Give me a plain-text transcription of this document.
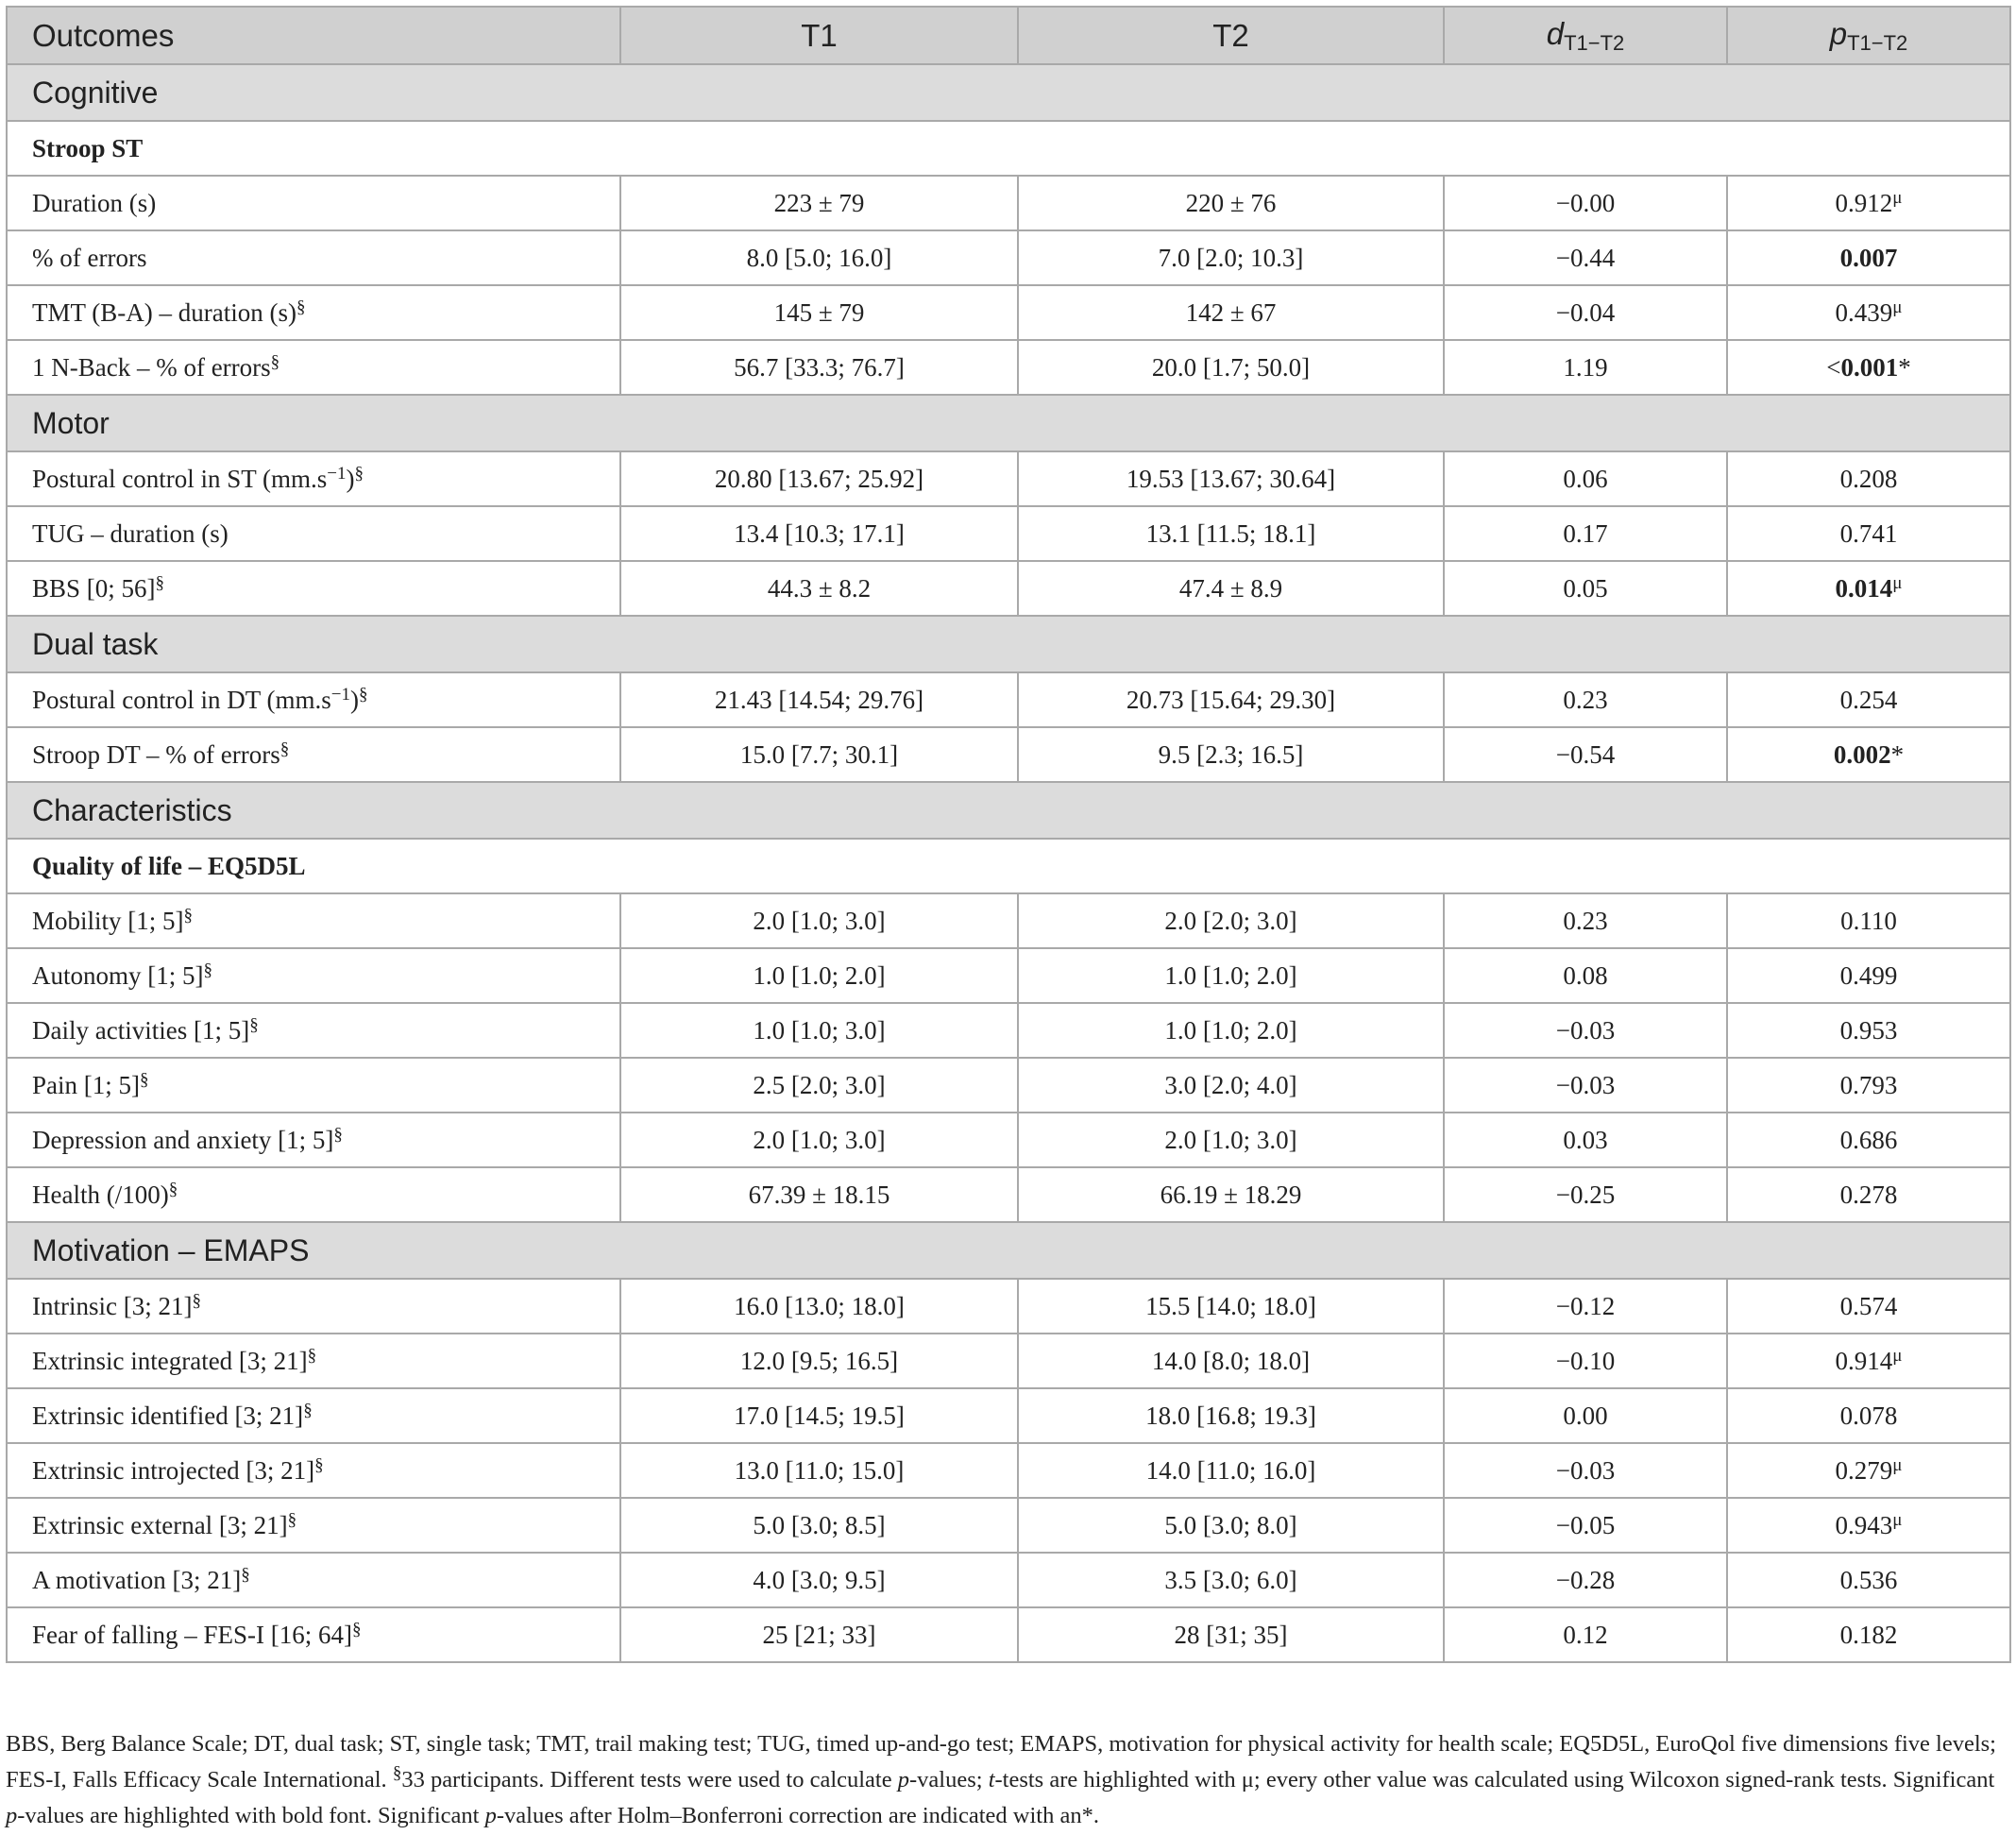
Outcomes	T1	T2	dT1−T2	pT1−T2
Cognitive				
Stroop ST				
Duration (s)	223 ± 79	220 ± 76	−0.00	$0.912^\mu$
% of errors	8.0 [5.0; 16.0]	7.0 [2.0; 10.3]	−0.44	0.007
TMT (B-A) – duration (s)§	145 ± 79	142 ± 67	−0.04	$0.439^\mu$
1 N-Back – % of errors§	56.7 [33.3; 76.7]	20.0 [1.7; 50.0]	1.19	<0.001*
Motor				
Postural control in ST $(mm.s^{-1})^\S$	20.80 [13.67; 25.92]	19.53 [13.67; 30.64]	0.06	0.208
TUG – duration (s)	13.4 [10.3; 17.1]	13.1 [11.5; 18.1]	0.17	0.741
BBS [0; 56]§	44.3 ± 8.2	47.4 ± 8.9	0.05	$0.014^\mu$
Dual task				
Postural control in DT $(mm.s^{-1})^\S$	21.43 [14.54; 29.76]	20.73 [15.64; 29.30]	0.23	0.254
Stroop DT – % of errors§	15.0 [7.7; 30.1]	9.5 [2.3; 16.5]	−0.54	0.002*
Characteristics				
Quality of life – EQ5D5L				
Mobility [1; 5]§	2.0 [1.0; 3.0]	2.0 [2.0; 3.0]	0.23	0.110
Autonomy [1; 5]§	1.0 [1.0; 2.0]	1.0 [1.0; 2.0]	0.08	0.499
Daily activities [1; 5]§	1.0 [1.0; 3.0]	1.0 [1.0; 2.0]	−0.03	0.953
Pain [1; 5]§	2.5 [2.0; 3.0]	3.0 [2.0; 4.0]	−0.03	0.793
Depression and anxiety [1; 5]§	2.0 [1.0; 3.0]	2.0 [1.0; 3.0]	0.03	0.686
Health (/100)§	67.39 ± 18.15	66.19 ± 18.29	−0.25	0.278
Motivation – EMAPS				
Intrinsic [3; 21]§	16.0 [13.0; 18.0]	15.5 [14.0; 18.0]	−0.12	0.574
Extrinsic integrated [3; 21]§	12.0 [9.5; 16.5]	14.0 [8.0; 18.0]	−0.10	$0.914^\mu$
Extrinsic identified [3; 21]§	17.0 [14.5; 19.5]	18.0 [16.8; 19.3]	0.00	0.078
Extrinsic introjected [3; 21]§	13.0 [11.0; 15.0]	14.0 [11.0; 16.0]	−0.03	$0.279^\mu$
Extrinsic external [3; 21]§	5.0 [3.0; 8.5]	5.0 [3.0; 8.0]	−0.05	$0.943^\mu$
A motivation [3; 21]§	4.0 [3.0; 9.5]	3.5 [3.0; 6.0]	−0.28	0.536
Fear of falling – FES-I [16; 64]§	25 [21; 33]	28 [31; 35]	0.12	0.182
BBS, Berg Balance Scale; DT, dual task; ST, single task; TMT, trail making test; TUG, timed up-and-go test; EMAPS, motivation for physical activity for health scale; EQ5D5L, EuroQol five dimensions five levels; FES-I, Falls Efficacy Scale International. §33 participants. Different tests were used to calculate p-values; t-tests are highlighted with μ; every other value was calculated using Wilcoxon signed-rank tests. Significant p-values are highlighted with bold font. Significant p-values after Holm–Bonferroni correction are indicated with an*.
